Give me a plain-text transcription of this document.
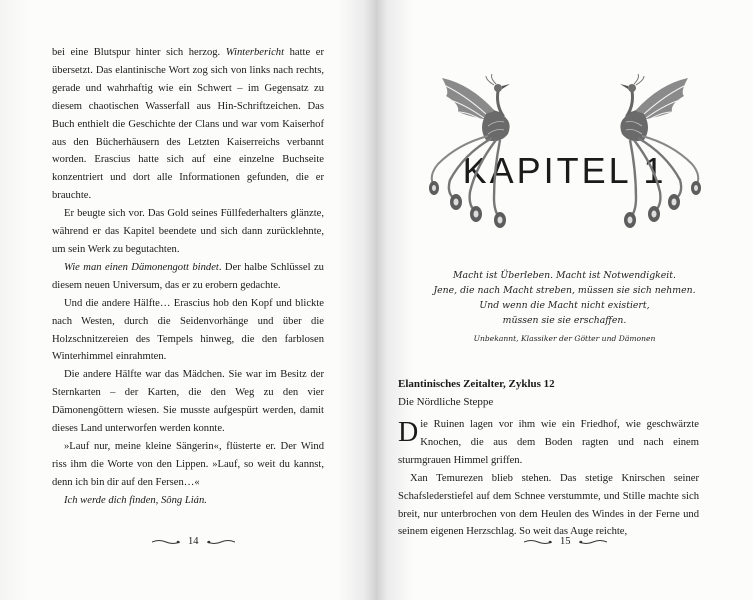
bei eine Blutspur hinter sich herzog. Winterbericht hatte er übersetzt. Das elantinische Wort zog sich von links nach rechts, gerade und wahrhaftig wie ein Schwert – im Gegensatz zu diesem chaotischen Wasserfall aus Hin-Schriftzeichen. Das Buch enthielt die Geschichte der Clans und war vom Kaiserhof aus den Bücherhäusern des Letzten Kaiserreichs verbannt worden. Erascius hatte sich auf eine einzelne Buchseite konzentriert und dort alle Informationen gefunden, die er brauchte.

Er beugte sich vor. Das Gold seines Füllfederhalters glänzte, während er das Kapitel beendete und sich dann zurücklehnte, um sein Werk zu begutachten.

Wie man einen Dämonengott bindet. Der halbe Schlüssel zu diesem neuen Universum, das er zu erobern gedachte.

Und die andere Hälfte… Erascius hob den Kopf und blickte nach Westen, durch die Seidenvorhänge und über die Holzschnitzereien des Tempels hinweg, die den farblosen Winterhimmel einrahmten.

Die andere Hälfte war das Mädchen. Sie war im Besitz der Sternkarten – der Karten, die den Weg zu den vier Dämonengöttern wiesen. Sie musste aufgespürt werden, damit dieses Land unterworfen werden konnte.

»Lauf nur, meine kleine Sängerin«, flüsterte er. Der Wind riss ihm die Worte von den Lippen. »Lauf, so weit du kannst, denn ich bin dir auf den Fersen…«

Ich werde dich finden, Sông Lián.

14
KAPITEL 1
Macht ist Überleben. Macht ist Notwendigkeit.
Jene, die nach Macht streben, müssen sie sich nehmen.
Und wenn die Macht nicht existiert,
müssen sie sie erschaffen.
Unbekannt, Klassiker der Götter und Dämonen
Elantinisches Zeitalter, Zyklus 12
Die Nördliche Steppe

Die Ruinen lagen vor ihm wie ein Friedhof, wie geschwärzte Knochen, die aus dem Boden ragten und nach einem sturmgrauen Himmel griffen.

Xan Temurezen blieb stehen. Das stetige Knirschen seiner Schafslederstiefel auf dem Schnee verstummte, und Stille machte sich breit, nur unterbrochen von dem Heulen des Windes in der Ferne und seinem eigenen Herzschlag. So weit das Auge reichte,

15
